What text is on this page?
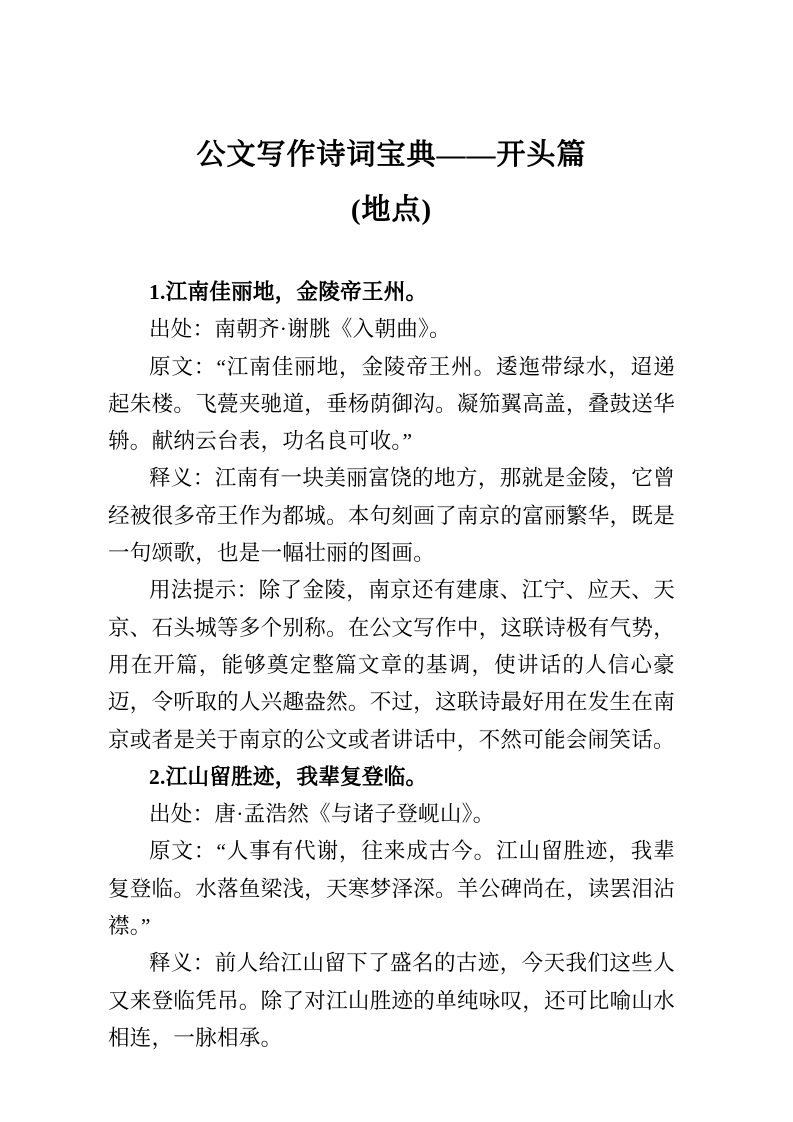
公文写作诗词宝典——开头篇
(地点)

1.江南佳丽地，金陵帝王州。

出处：南朝齐·谢朓《入朝曲》。

原文：“江南佳丽地，金陵帝王州。逶迤带绿水，迢递起朱楼。飞甍夹驰道，垂杨荫御沟。凝笳翼高盖，叠鼓送华辀。献纳云台表，功名良可收。”

释义：江南有一块美丽富饶的地方，那就是金陵，它曾经被很多帝王作为都城。本句刻画了南京的富丽繁华，既是一句颂歌，也是一幅壮丽的图画。

用法提示：除了金陵，南京还有建康、江宁、应天、天京、石头城等多个别称。在公文写作中，这联诗极有气势，用在开篇，能够奠定整篇文章的基调，使讲话的人信心豪迈，令听取的人兴趣盎然。不过，这联诗最好用在发生在南京或者是关于南京的公文或者讲话中，不然可能会闹笑话。

2.江山留胜迹，我辈复登临。

出处：唐·孟浩然《与诸子登岘山》。

原文：“人事有代谢，往来成古今。江山留胜迹，我辈复登临。水落鱼梁浅，天寒梦泽深。羊公碑尚在，读罢泪沾襟。”

释义：前人给江山留下了盛名的古迹，今天我们这些人又来登临凭吊。除了对江山胜迹的单纯咏叹，还可比喻山水相连，一脉相承。
